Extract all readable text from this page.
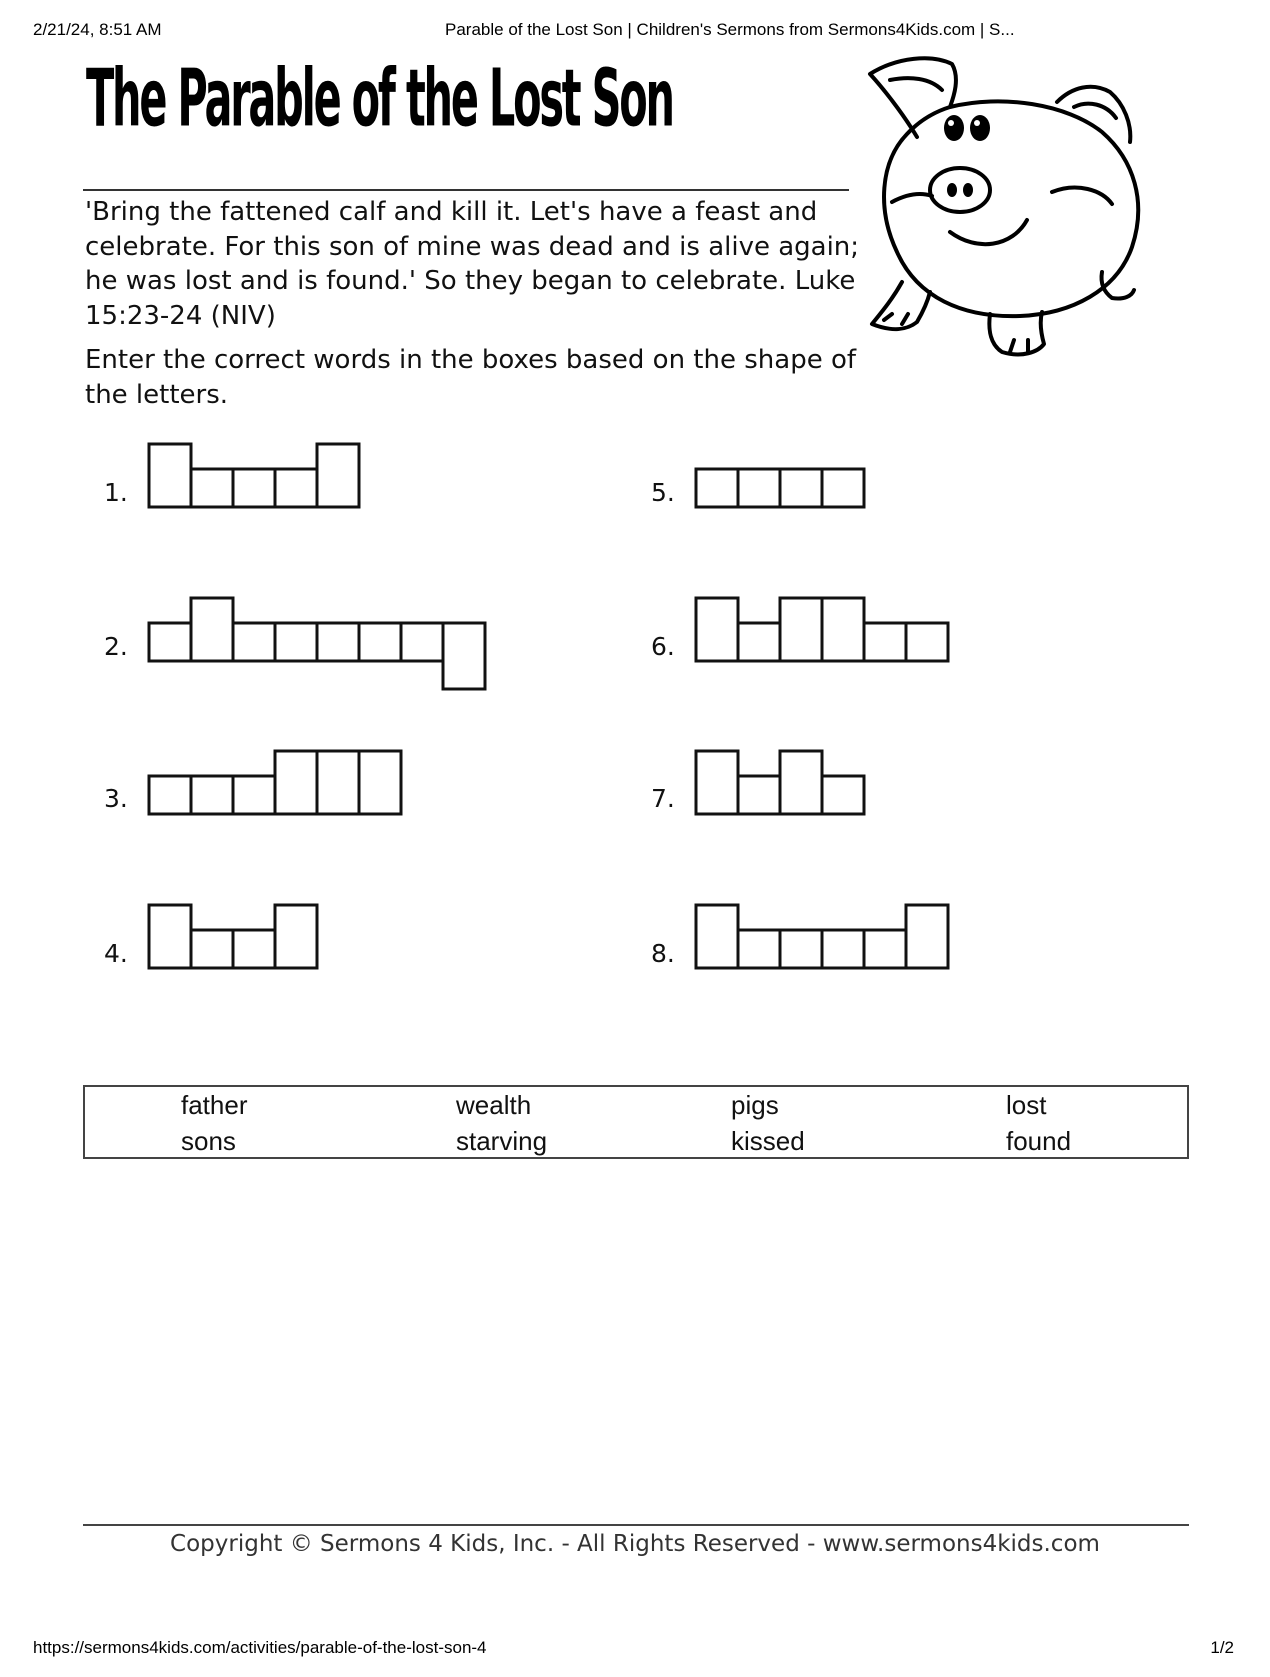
2/21/24, 8:51 AM	Parable of the Lost Son | Children's Sermons from Sermons4Kids.com | S...
The Parable of the Lost Son

'Bring the fattened calf and kill it. Let's have a feast and celebrate. For this son of mine was dead and is alive again; he was lost and is found.' So they began to celebrate. Luke 15:23-24 (NIV)

Enter the correct words in the boxes based on the shape of the letters.

1.
2.
3.
4.
5.
6.
7.
8.
father
sons
wealth
starving
pigs
kissed
lost
found
Copyright © Sermons 4 Kids, Inc. - All Rights Reserved - www.sermons4kids.com
https://sermons4kids.com/activities/parable-of-the-lost-son-4	1/2
